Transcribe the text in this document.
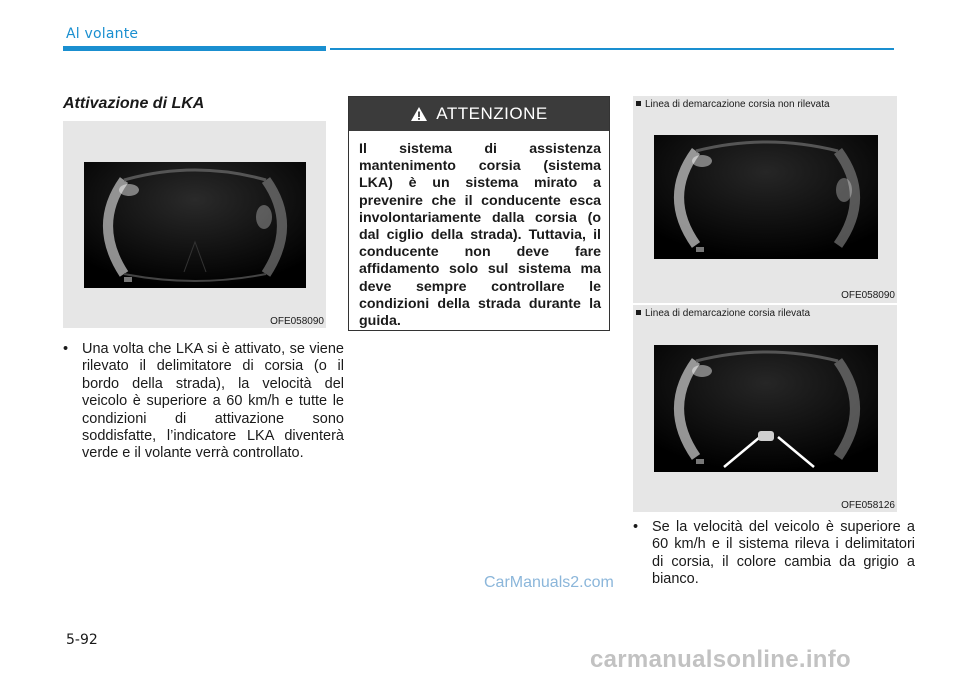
Al volante
Attivazione di LKA
OFE058090
• Una volta che LKA si è attivato, se viene rilevato il delimitatore di corsia (o il bordo della strada), la velocità del veicolo è superiore a 60 km/h e tutte le condizioni di attivazione sono soddisfatte, l’indicatore LKA diventerà verde e il volante verrà controllato.
ATTENZIONE
Il sistema di assistenza mantenimento corsia (sistema LKA) è un sistema mirato a prevenire che il conducente esca involontariamente dalla corsia (o dal ciglio della strada). Tuttavia, il conducente non deve fare affidamento solo sul sistema ma deve sempre controllare le condizioni della strada durante la guida.
Linea di demarcazione corsia non rilevata
OFE058090
Linea di demarcazione corsia rilevata
OFE058126
• Se la velocità del veicolo è superiore a 60 km/h e il sistema rileva i delimitatori di corsia, il colore cambia da grigio a bianco.
CarManuals2.com
5-92
carmanualsonline.info
